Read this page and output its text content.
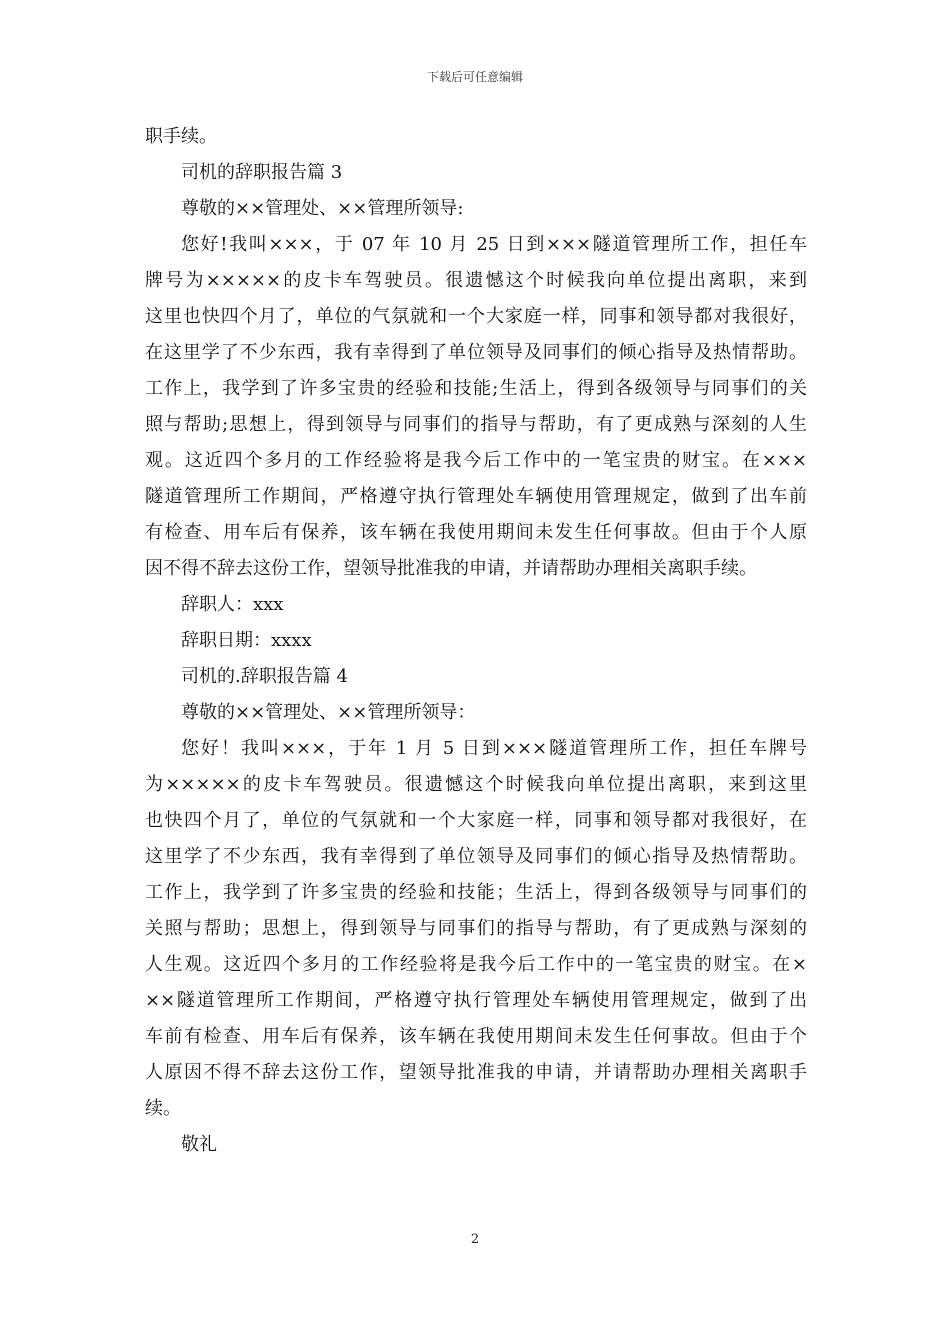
下载后可任意编辑
职手续。
司机的辞职报告篇 3
尊敬的××管理处、××管理所领导:
您好!我叫×××，于 07 年 10 月 25 日到×××隧道管理所工作，担任车
牌号为×××××的皮卡车驾驶员。很遗憾这个时候我向单位提出离职，来到
这里也快四个月了，单位的气氛就和一个大家庭一样，同事和领导都对我很好，
在这里学了不少东西，我有幸得到了单位领导及同事们的倾心指导及热情帮助。
工作上，我学到了许多宝贵的经验和技能;生活上，得到各级领导与同事们的关
照与帮助;思想上，得到领导与同事们的指导与帮助，有了更成熟与深刻的人生
观。这近四个多月的工作经验将是我今后工作中的一笔宝贵的财宝。在×××
隧道管理所工作期间，严格遵守执行管理处车辆使用管理规定，做到了出车前
有检查、用车后有保养，该车辆在我使用期间未发生任何事故。但由于个人原
因不得不辞去这份工作，望领导批准我的申请，并请帮助办理相关离职手续。
辞职人：xxx
辞职日期：xxxx
司机的.辞职报告篇 4
尊敬的××管理处、××管理所领导：
您好！我叫×××，于年 1 月 5 日到×××隧道管理所工作，担任车牌号
为×××××的皮卡车驾驶员。很遗憾这个时候我向单位提出离职，来到这里
也快四个月了，单位的气氛就和一个大家庭一样，同事和领导都对我很好，在
这里学了不少东西，我有幸得到了单位领导及同事们的倾心指导及热情帮助。
工作上，我学到了许多宝贵的经验和技能；生活上，得到各级领导与同事们的
关照与帮助；思想上，得到领导与同事们的指导与帮助，有了更成熟与深刻的
人生观。这近四个多月的工作经验将是我今后工作中的一笔宝贵的财宝。在×
××隧道管理所工作期间，严格遵守执行管理处车辆使用管理规定，做到了出
车前有检查、用车后有保养，该车辆在我使用期间未发生任何事故。但由于个
人原因不得不辞去这份工作，望领导批准我的申请，并请帮助办理相关离职手
续。
敬礼
2
